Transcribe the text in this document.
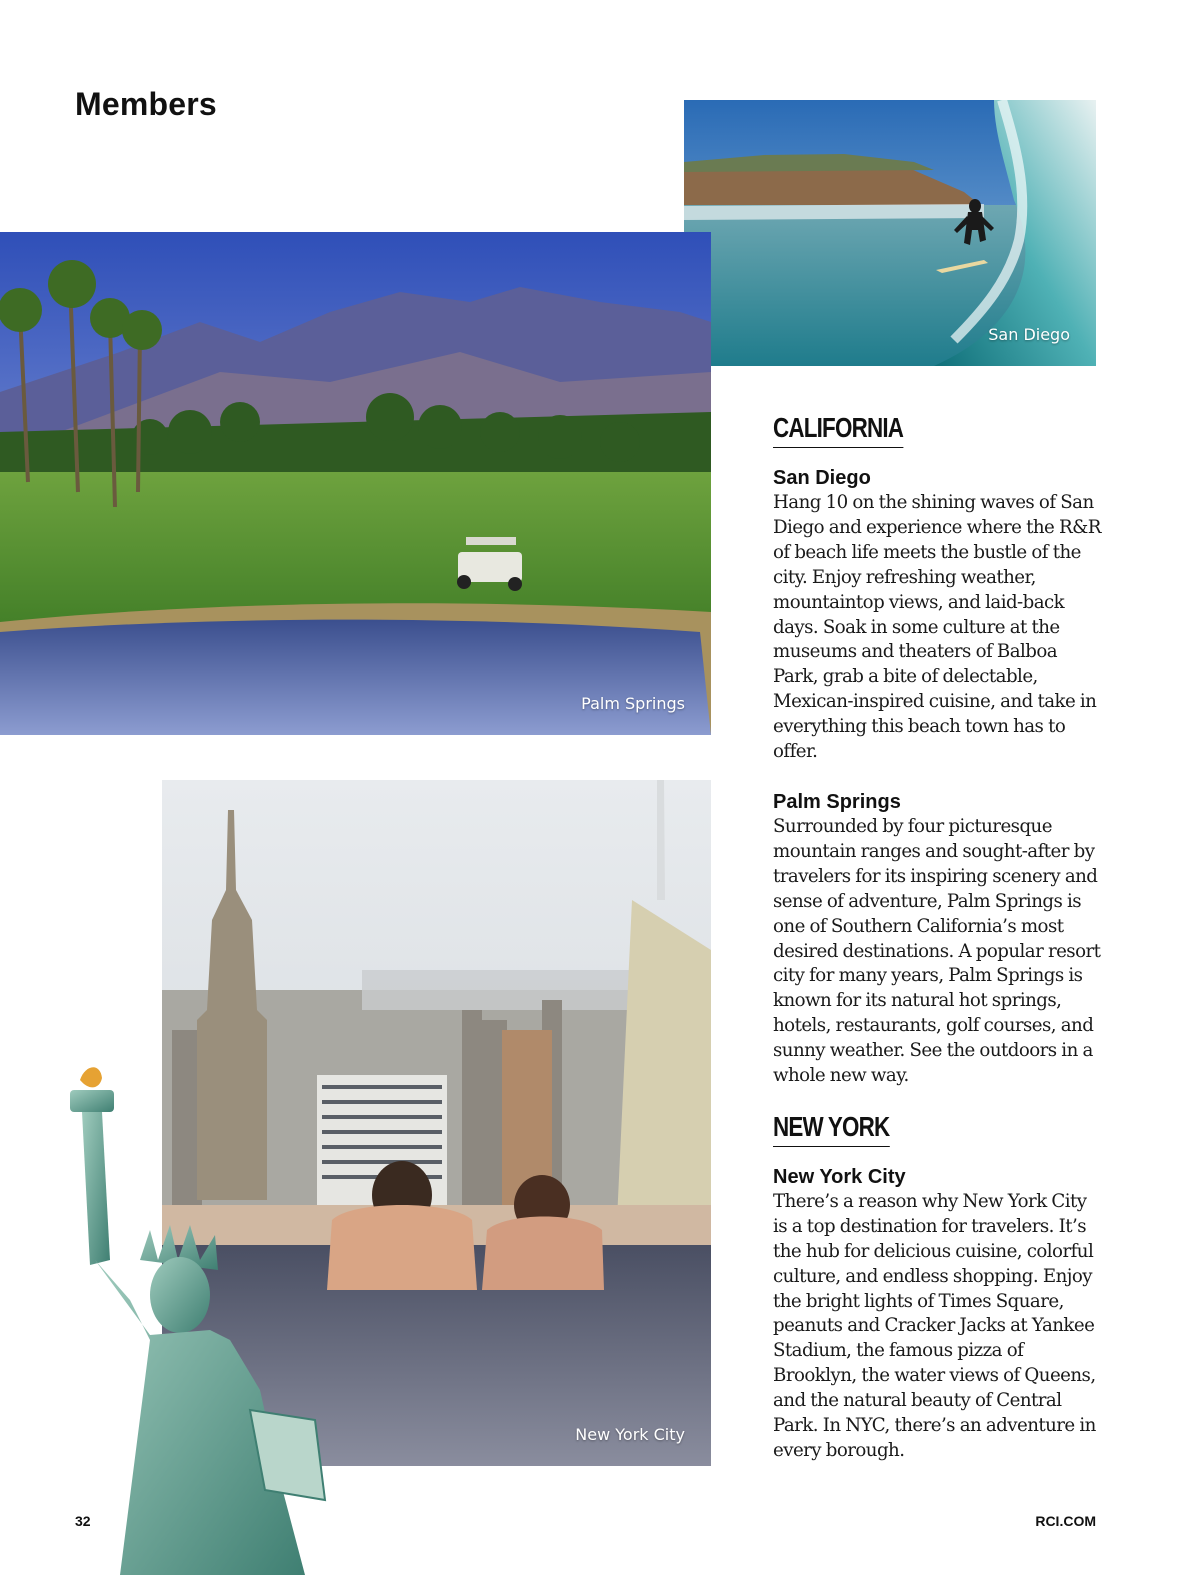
Members
San Diego
Palm Springs
New York City
CALIFORNIA
San Diego

Hang 10 on the shining waves of San Diego and experience where the R&R of beach life meets the bustle of the city. Enjoy refreshing weather, mountaintop views, and laid-back days. Soak in some culture at the museums and theaters of Balboa Park, grab a bite of delectable, Mexican-inspired cuisine, and take in everything this beach town has to offer.

Palm Springs

Surrounded by four picturesque mountain ranges and sought-after by travelers for its inspiring scenery and sense of adventure, Palm Springs is one of Southern California’s most desired destinations. A popular resort city for many years, Palm Springs is known for its natural hot springs, hotels, restaurants, golf courses, and sunny weather. See the outdoors in a whole new way.

NEW YORK
New York City

There’s a reason why New York City is a top destination for travelers. It’s the hub for delicious cuisine, colorful culture, and endless shopping. Enjoy the bright lights of Times Square, peanuts and Cracker Jacks at Yankee Stadium, the famous pizza of Brooklyn, the water views of Queens, and the natural beauty of Central Park. In NYC, there’s an adventure in every borough.

32	RCI.COM
